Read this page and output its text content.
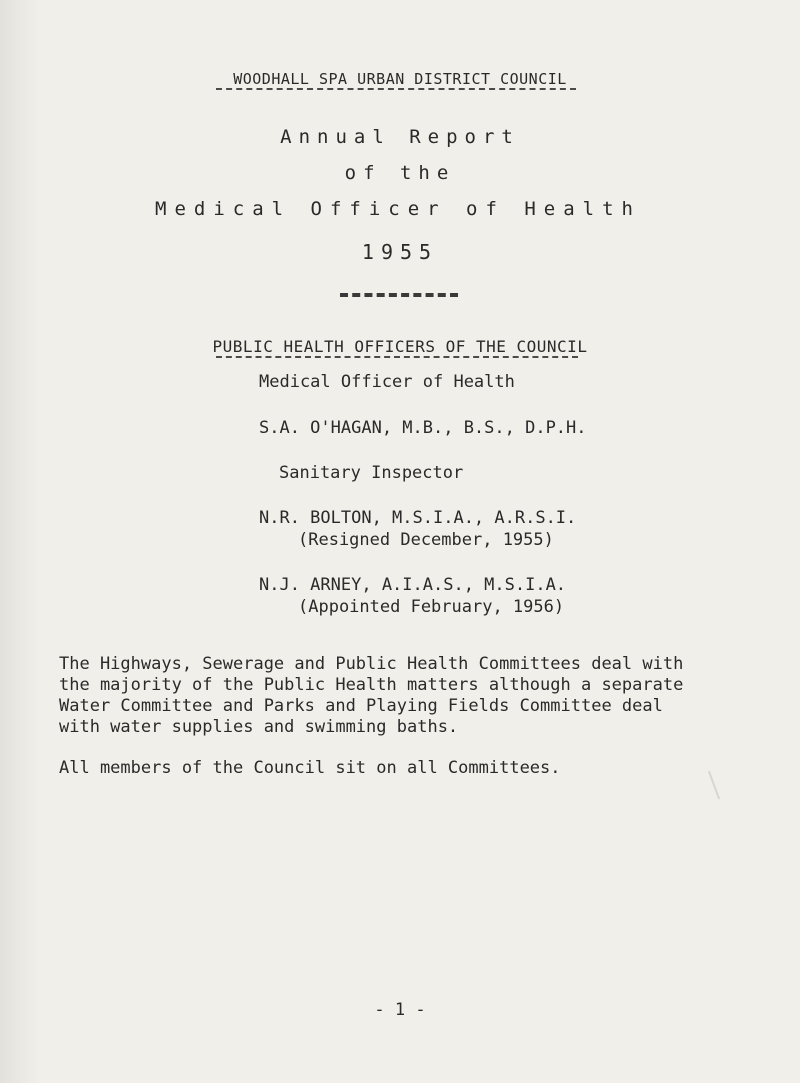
WOODHALL SPA URBAN DISTRICT COUNCIL
Annual Report
of the
Medical Officer of Health
1955
PUBLIC HEALTH OFFICERS OF THE COUNCIL
Medical Officer of Health
S.A. O'HAGAN, M.B., B.S., D.P.H.
Sanitary Inspector
N.R. BOLTON, M.S.I.A., A.R.S.I.
(Resigned December, 1955)
N.J. ARNEY, A.I.A.S., M.S.I.A.
(Appointed February, 1956)
The Highways, Sewerage and Public Health Committees deal with
the majority of the Public Health matters although a separate
Water Committee and Parks and Playing Fields Committee deal
with water supplies and swimming baths.
All members of the Council sit on all Committees.
- 1 -
